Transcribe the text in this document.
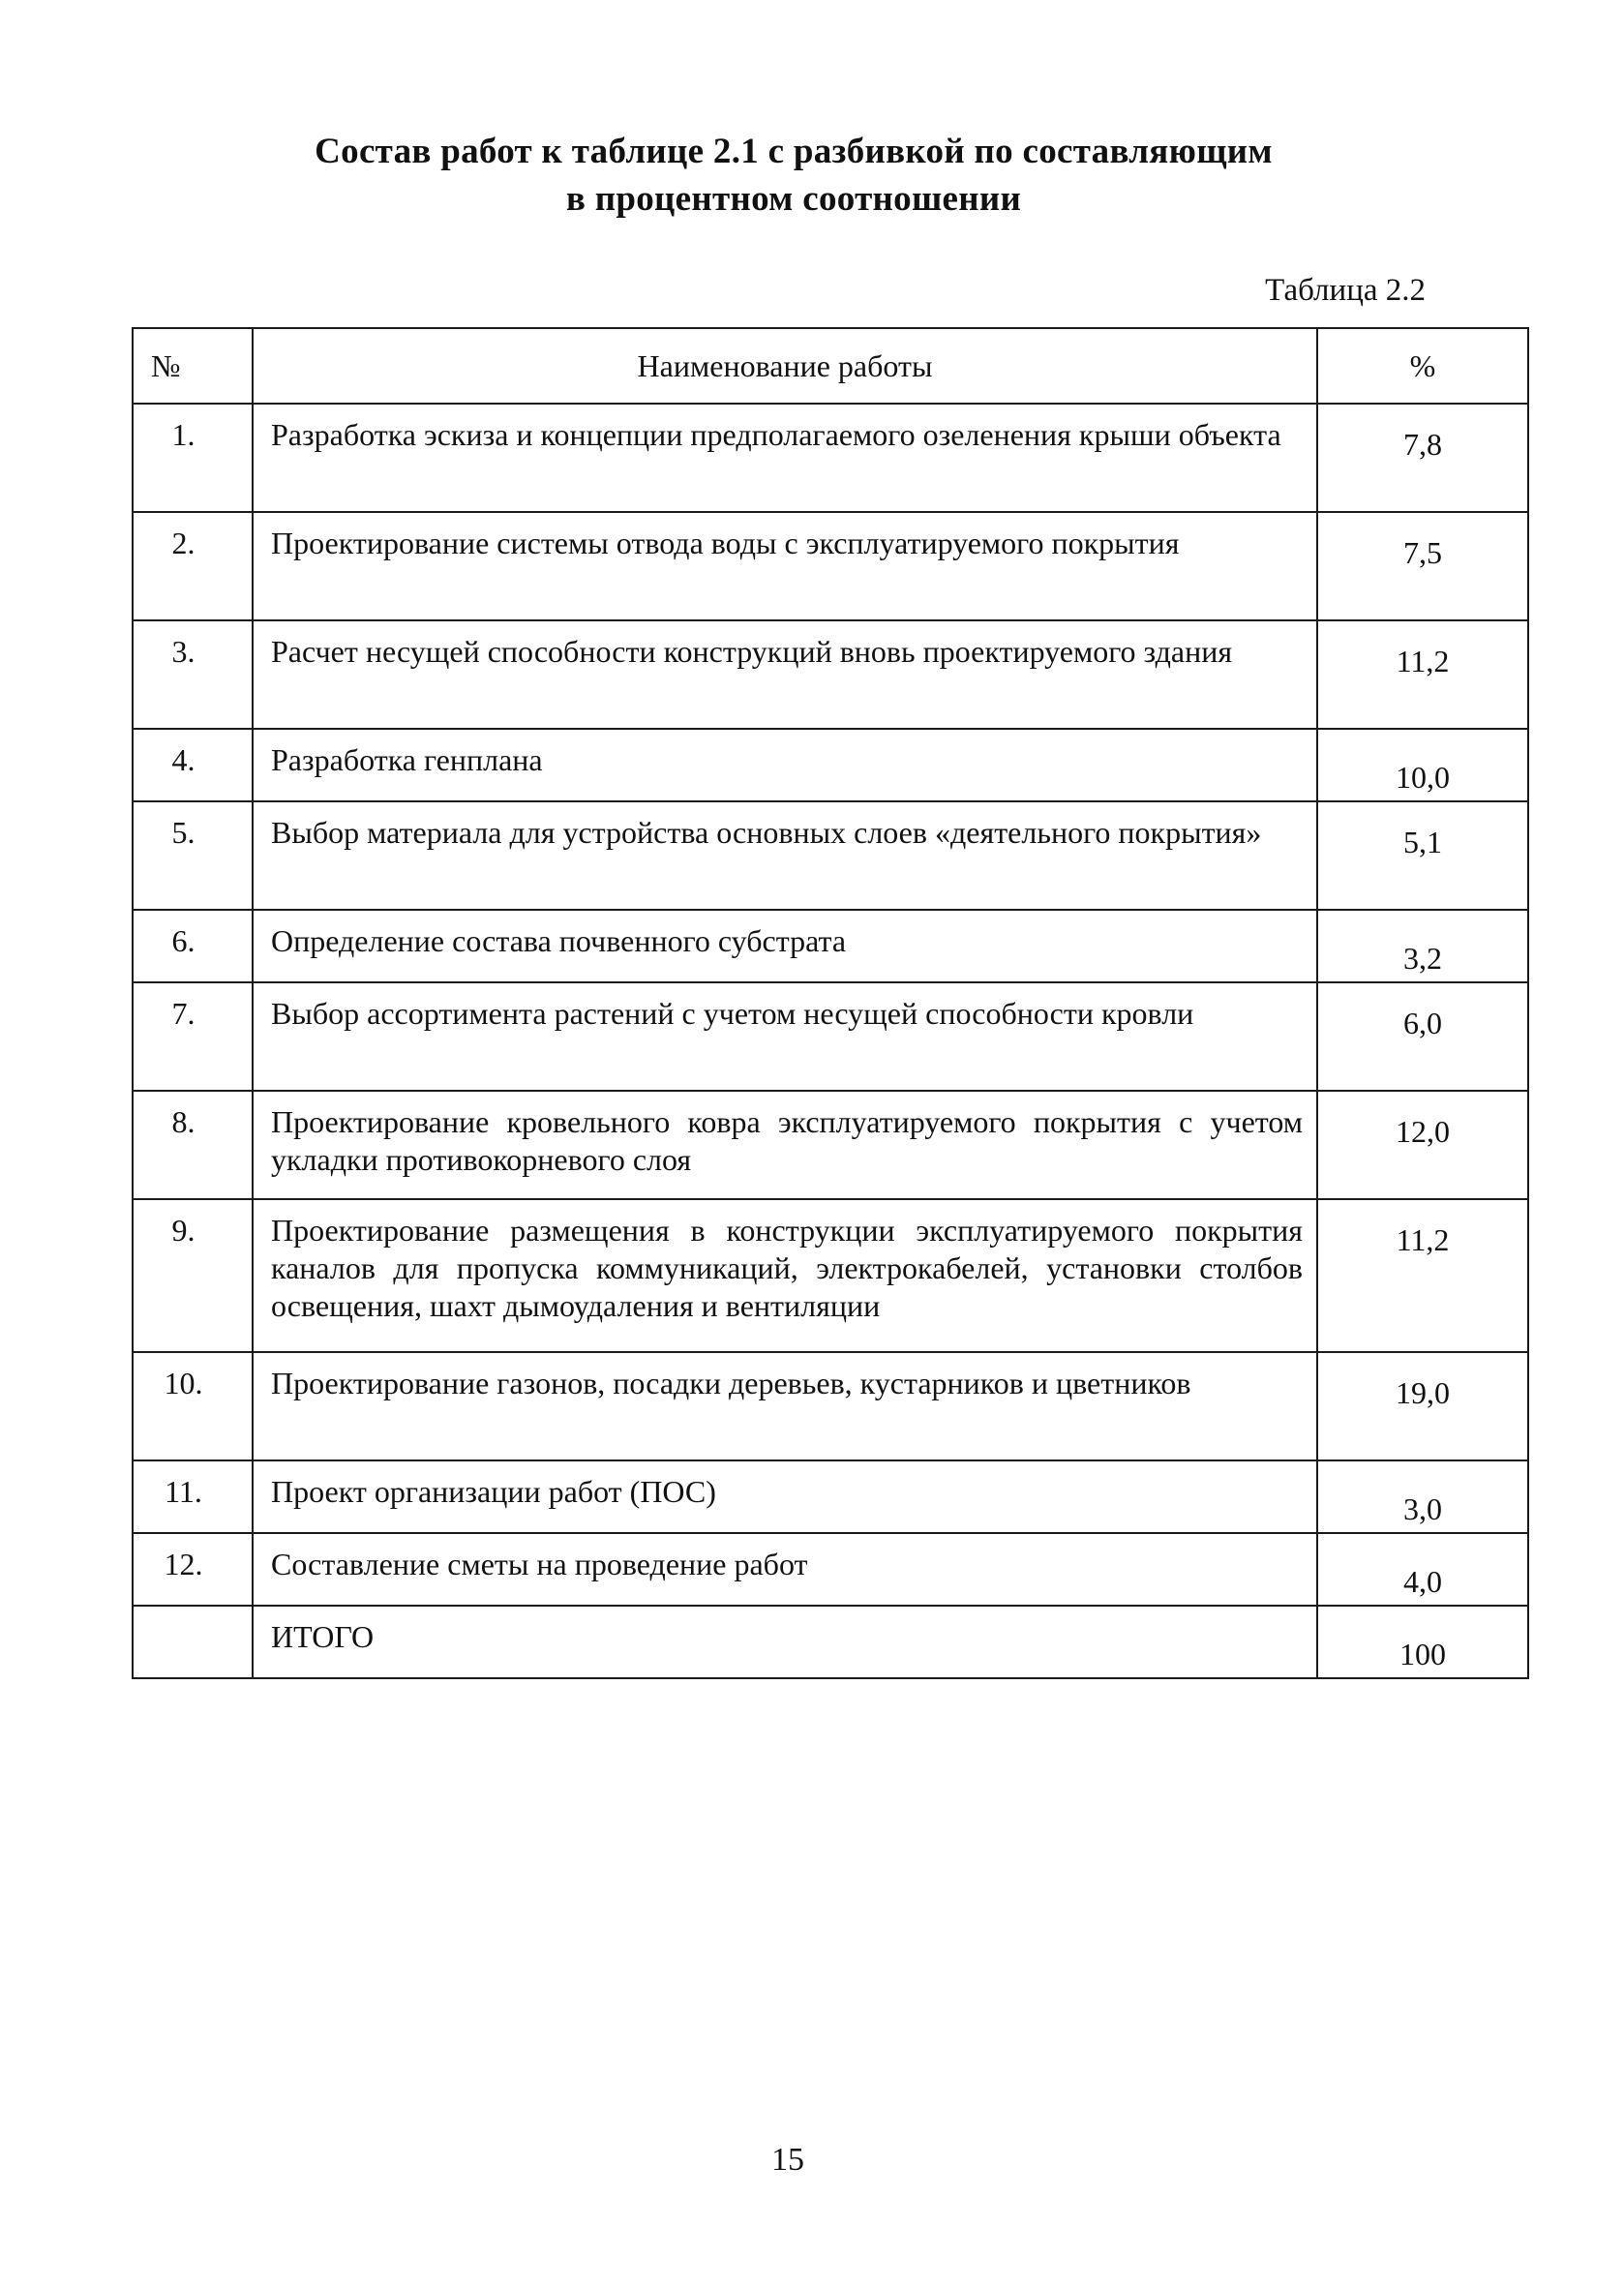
Состав работ к таблице 2.1 с разбивкой по составляющим
в процентном соотношении
Таблица 2.2
№	Наименование работы	%
1.	Разработка эскиза и концепции предполагаемого озеленения крыши объекта	7,8
2.	Проектирование системы отвода воды с эксплуатируемого покрытия	7,5
3.	Расчет несущей способности конструкций вновь проектируемого здания	11,2
4.	Разработка генплана	10,0
5.	Выбор материала для устройства основных слоев «деятельного покрытия»	5,1
6.	Определение состава почвенного субстрата	3,2
7.	Выбор ассортимента растений с учетом несущей способности кровли	6,0
8.	Проектирование кровельного ковра эксплуатируемого покрытия с учетом укладки противокорневого слоя	12,0
9.	Проектирование размещения в конструкции эксплуатируемого покрытия каналов для пропуска коммуникаций, электрокабелей, установки столбов освещения, шахт дымоудаления и вентиляции	11,2
10.	Проектирование газонов, посадки деревьев, кустарников и цветников	19,0
11.	Проект организации работ (ПОС)	3,0
12.	Составление сметы на проведение работ	4,0
	ИТОГО	100
15
